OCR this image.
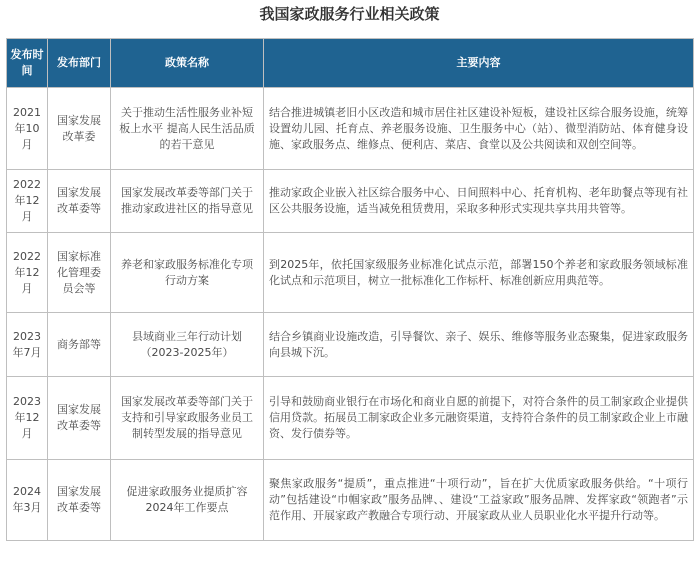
我国家政服务行业相关政策
发布时间	发布部门	政策名称	主要内容
2021年10月	国家发展改革委	关于推动生活性服务业补短板上水平 提高人民生活品质的若干意见	结合推进城镇老旧小区改造和城市居住社区建设补短板，建设社区综合服务设施，统筹设置幼儿园、托育点、养老服务设施、卫生服务中心（站）、微型消防站、体育健身设施、家政服务点、维修点、便利店、菜店、食堂以及公共阅读和双创空间等。
2022年12月	国家发展改革委等	国家发展改革委等部门关于推动家政进社区的指导意见	推动家政企业嵌入社区综合服务中心、日间照料中心、托育机构、老年助餐点等现有社区公共服务设施，适当减免租赁费用，采取多种形式实现共享共用共管等。
2022年12月	国家标准化管理委员会等	养老和家政服务标准化专项行动方案	到2025年，依托国家级服务业标准化试点示范，部署150个养老和家政服务领域标准化试点和示范项目，树立一批标准化工作标杆、标准创新应用典范等。
2023年7月	商务部等	县域商业三年行动计划（2023-2025年）	结合乡镇商业设施改造，引导餐饮、亲子、娱乐、维修等服务业态聚集，促进家政服务向县城下沉。
2023年12月	国家发展改革委等	国家发展改革委等部门关于支持和引导家政服务业员工制转型发展的指导意见	引导和鼓励商业银行在市场化和商业自愿的前提下，对符合条件的员工制家政企业提供信用贷款。拓展员工制家政企业多元融资渠道，支持符合条件的员工制家政企业上市融资、发行债券等。
2024年3月	国家发展改革委等	促进家政服务业提质扩容2024年工作要点	聚焦家政服务“提质”，重点推进“十项行动”，旨在扩大优质家政服务供给。“十项行动”包括建设“巾帼家政”服务品牌、、建设“工益家政”服务品牌、发挥家政“领跑者”示范作用、开展家政产教融合专项行动、开展家政从业人员职业化水平提升行动等。
